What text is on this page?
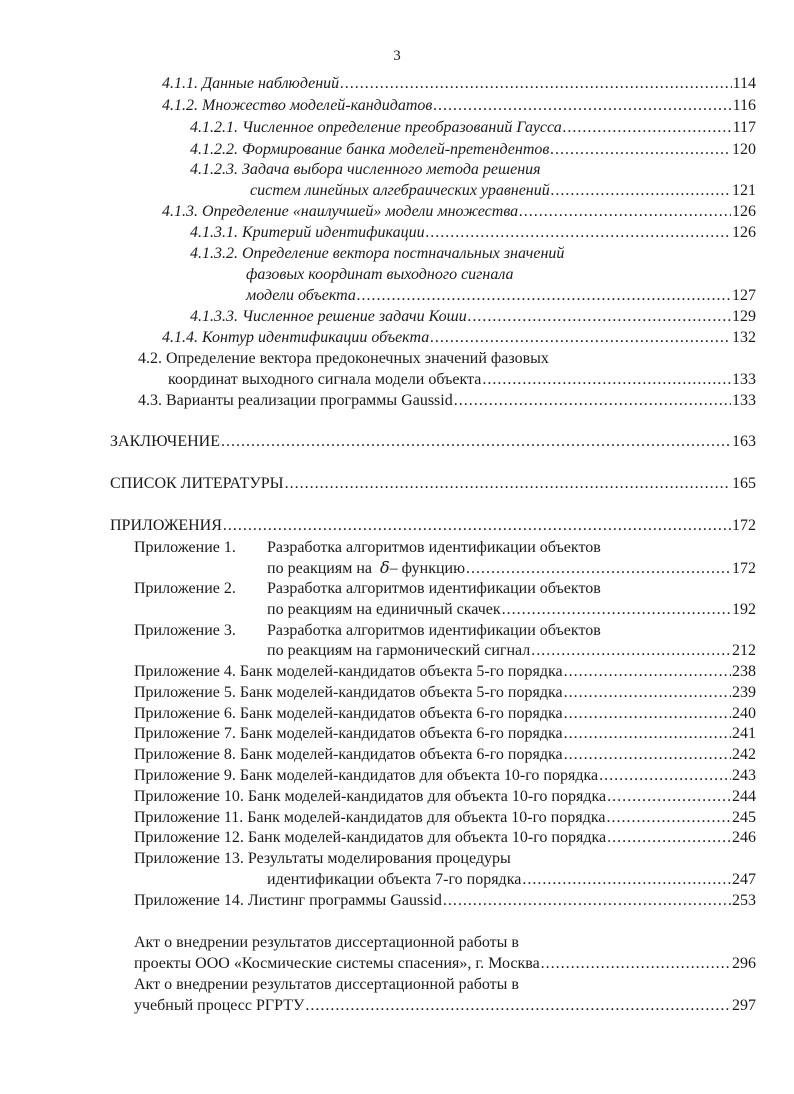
3
4.1.1. Данные наблюдений .....	114
4.1.2. Множество моделей-кандидатов .....	116
4.1.2.1. Численное определение преобразований Гаусса .....	117
4.1.2.2. Формирование банка моделей-претендентов .....	120
4.1.2.3. Задача выбора численного метода решения
систем линейных алгебраических уравнений .....	121
4.1.3. Определение «наилучшей» модели множества .....	126
4.1.3.1. Критерий идентификации .....	126
4.1.3.2. Определение вектора постначальных значений
фазовых координат выходного сигнала
модели объекта .....	127
4.1.3.3. Численное решение задачи Коши .....	129
4.1.4. Контур идентификации объекта .....	132
4.2. Определение вектора предоконечных значений фазовых
координат выходного сигнала модели объекта .....	133
4.3. Варианты реализации программы Gaussid .....	133
ЗАКЛЮЧЕНИЕ .....	163
СПИСОК ЛИТЕРАТУРЫ .....	165
ПРИЛОЖЕНИЯ .....	172
Приложение 1. Разработка алгоритмов идентификации объектов
по реакциям на δ– функцию .....	172
Приложение 2. Разработка алгоритмов идентификации объектов
по реакциям на единичный скачек .....	192
Приложение 3. Разработка алгоритмов идентификации объектов
по реакциям на гармонический сигнал .....	212
Приложение 4. Банк моделей-кандидатов объекта 5-го порядка .....	238
Приложение 5. Банк моделей-кандидатов объекта 5-го порядка .....	239
Приложение 6. Банк моделей-кандидатов объекта 6-го порядка .....	240
Приложение 7. Банк моделей-кандидатов объекта 6-го порядка .....	241
Приложение 8. Банк моделей-кандидатов объекта 6-го порядка .....	242
Приложение 9. Банк моделей-кандидатов для объекта 10-го порядка .....	243
Приложение 10. Банк моделей-кандидатов для объекта 10-го порядка .....	244
Приложение 11. Банк моделей-кандидатов для объекта 10-го порядка .....	245
Приложение 12. Банк моделей-кандидатов для объекта 10-го порядка .....	246
Приложение 13. Результаты моделирования процедуры
идентификации объекта 7-го порядка .....	247
Приложение 14. Листинг программы Gaussid .....	253
Акт о внедрении результатов диссертационной работы в
проекты ООО «Космические системы спасения», г. Москва .....	296
Акт о внедрении результатов диссертационной работы в
учебный процесс РГРТУ .....	297
